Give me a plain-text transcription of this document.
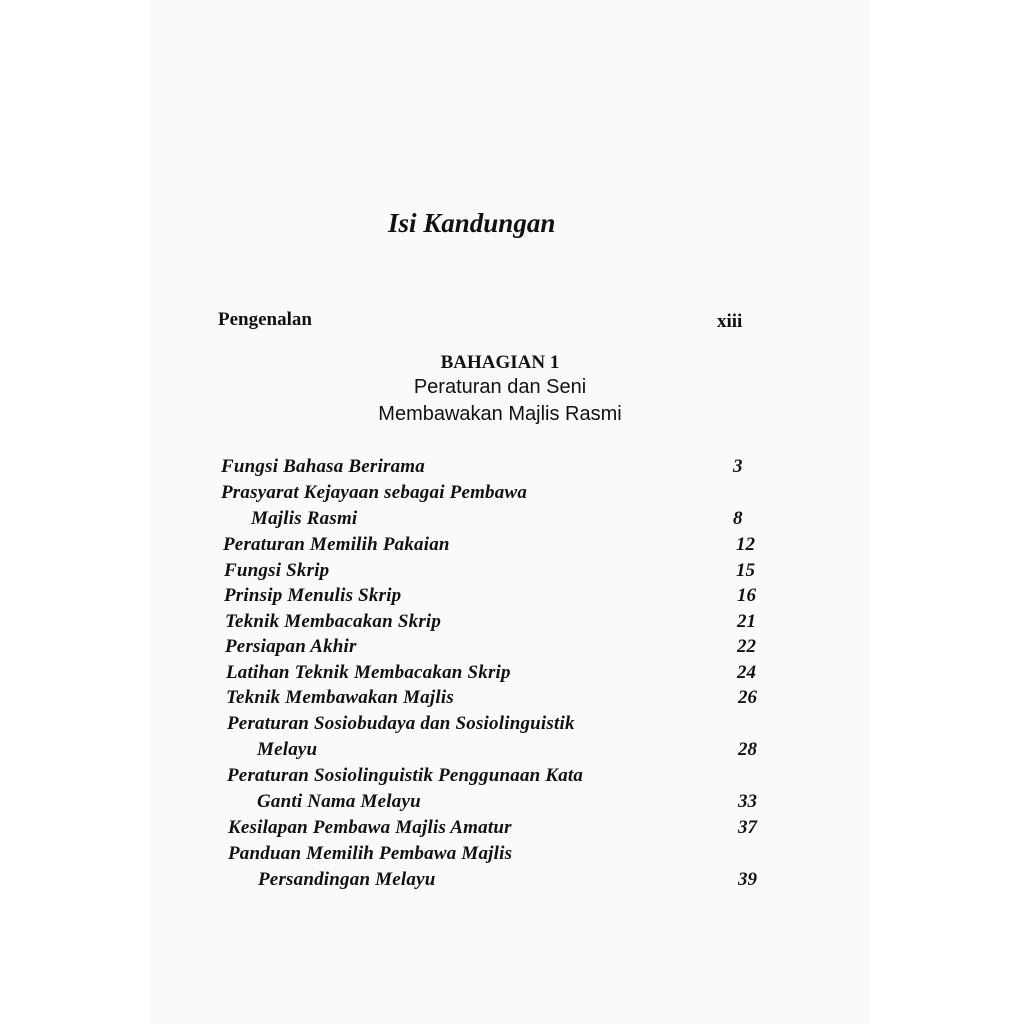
Isi Kandungan
Pengenalan	xiii
BAHAGIAN 1
Peraturan dan Seni
Membawakan Majlis Rasmi
Fungsi Bahasa Berirama	3
Prasyarat Kejayaan sebagai Pembawa
Majlis Rasmi	8
Peraturan Memilih Pakaian	12
Fungsi Skrip	15
Prinsip Menulis Skrip	16
Teknik Membacakan Skrip	21
Persiapan Akhir	22
Latihan Teknik Membacakan Skrip	24
Teknik Membawakan Majlis	26
Peraturan Sosiobudaya dan Sosiolinguistik
Melayu	28
Peraturan Sosiolinguistik Penggunaan Kata
Ganti Nama Melayu	33
Kesilapan Pembawa Majlis Amatur	37
Panduan Memilih Pembawa Majlis
Persandingan Melayu	39
